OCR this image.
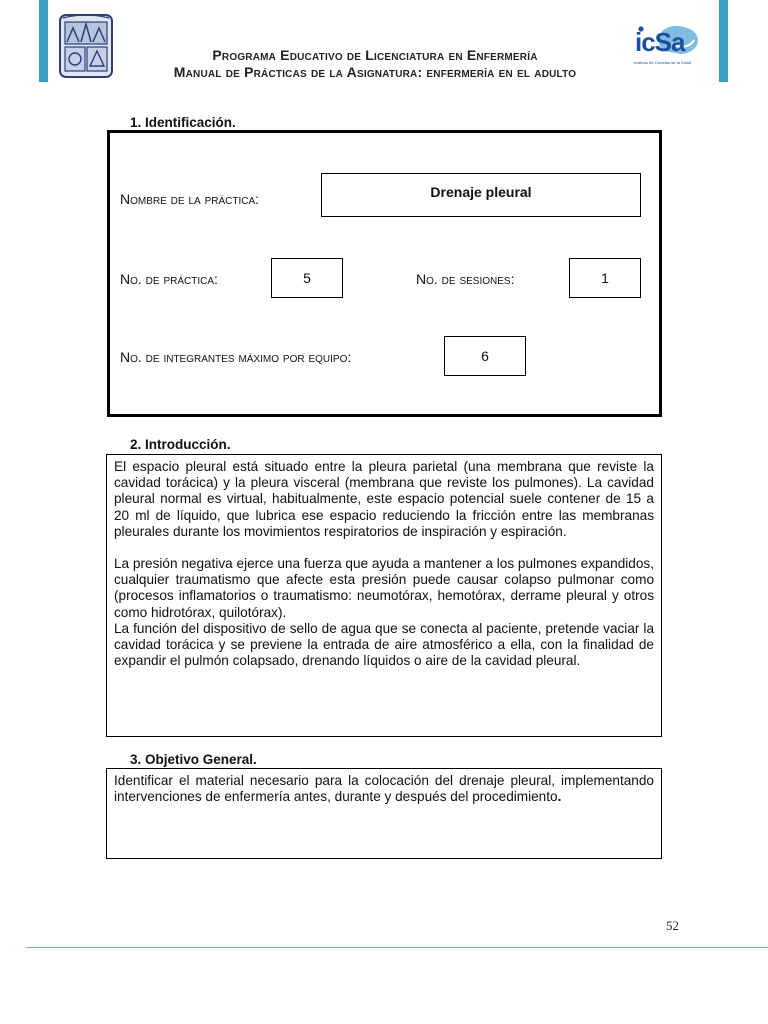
icSa
Instituto de Ciencias de la Salud
Programa Educativo de Licenciatura en Enfermería
Manual de Prácticas de la Asignatura: enfermería en el adulto
1. Identificación.
Nombre de la práctica:	Drenaje pleural
No. de práctica:	5	No. de sesiones:	1
No. de integrantes máximo por equipo:	6
2. Introducción.

El espacio pleural está situado entre la pleura parietal (una membrana que reviste la cavidad torácica) y la pleura visceral (membrana que reviste los pulmones). La cavidad pleural normal es virtual, habitualmente, este espacio potencial suele contener de 15 a 20 ml de líquido, que lubrica ese espacio reduciendo la fricción entre las membranas pleurales durante los movimientos respiratorios de inspiración y espiración.

La presión negativa ejerce una fuerza que ayuda a mantener a los pulmones expandidos, cualquier traumatismo que afecte esta presión puede causar colapso pulmonar como (procesos inflamatorios o traumatismo: neumotórax, hemotórax, derrame pleural y otros como hidrotórax, quilotórax).

La función del dispositivo de sello de agua que se conecta al paciente, pretende vaciar la cavidad torácica y se previene la entrada de aire atmosférico a ella, con la finalidad de expandir el pulmón colapsado, drenando líquidos o aire de la cavidad pleural.

3. Objetivo General.

Identificar el material necesario para la colocación del drenaje pleural, implementando intervenciones de enfermería antes, durante y después del procedimiento.

52
